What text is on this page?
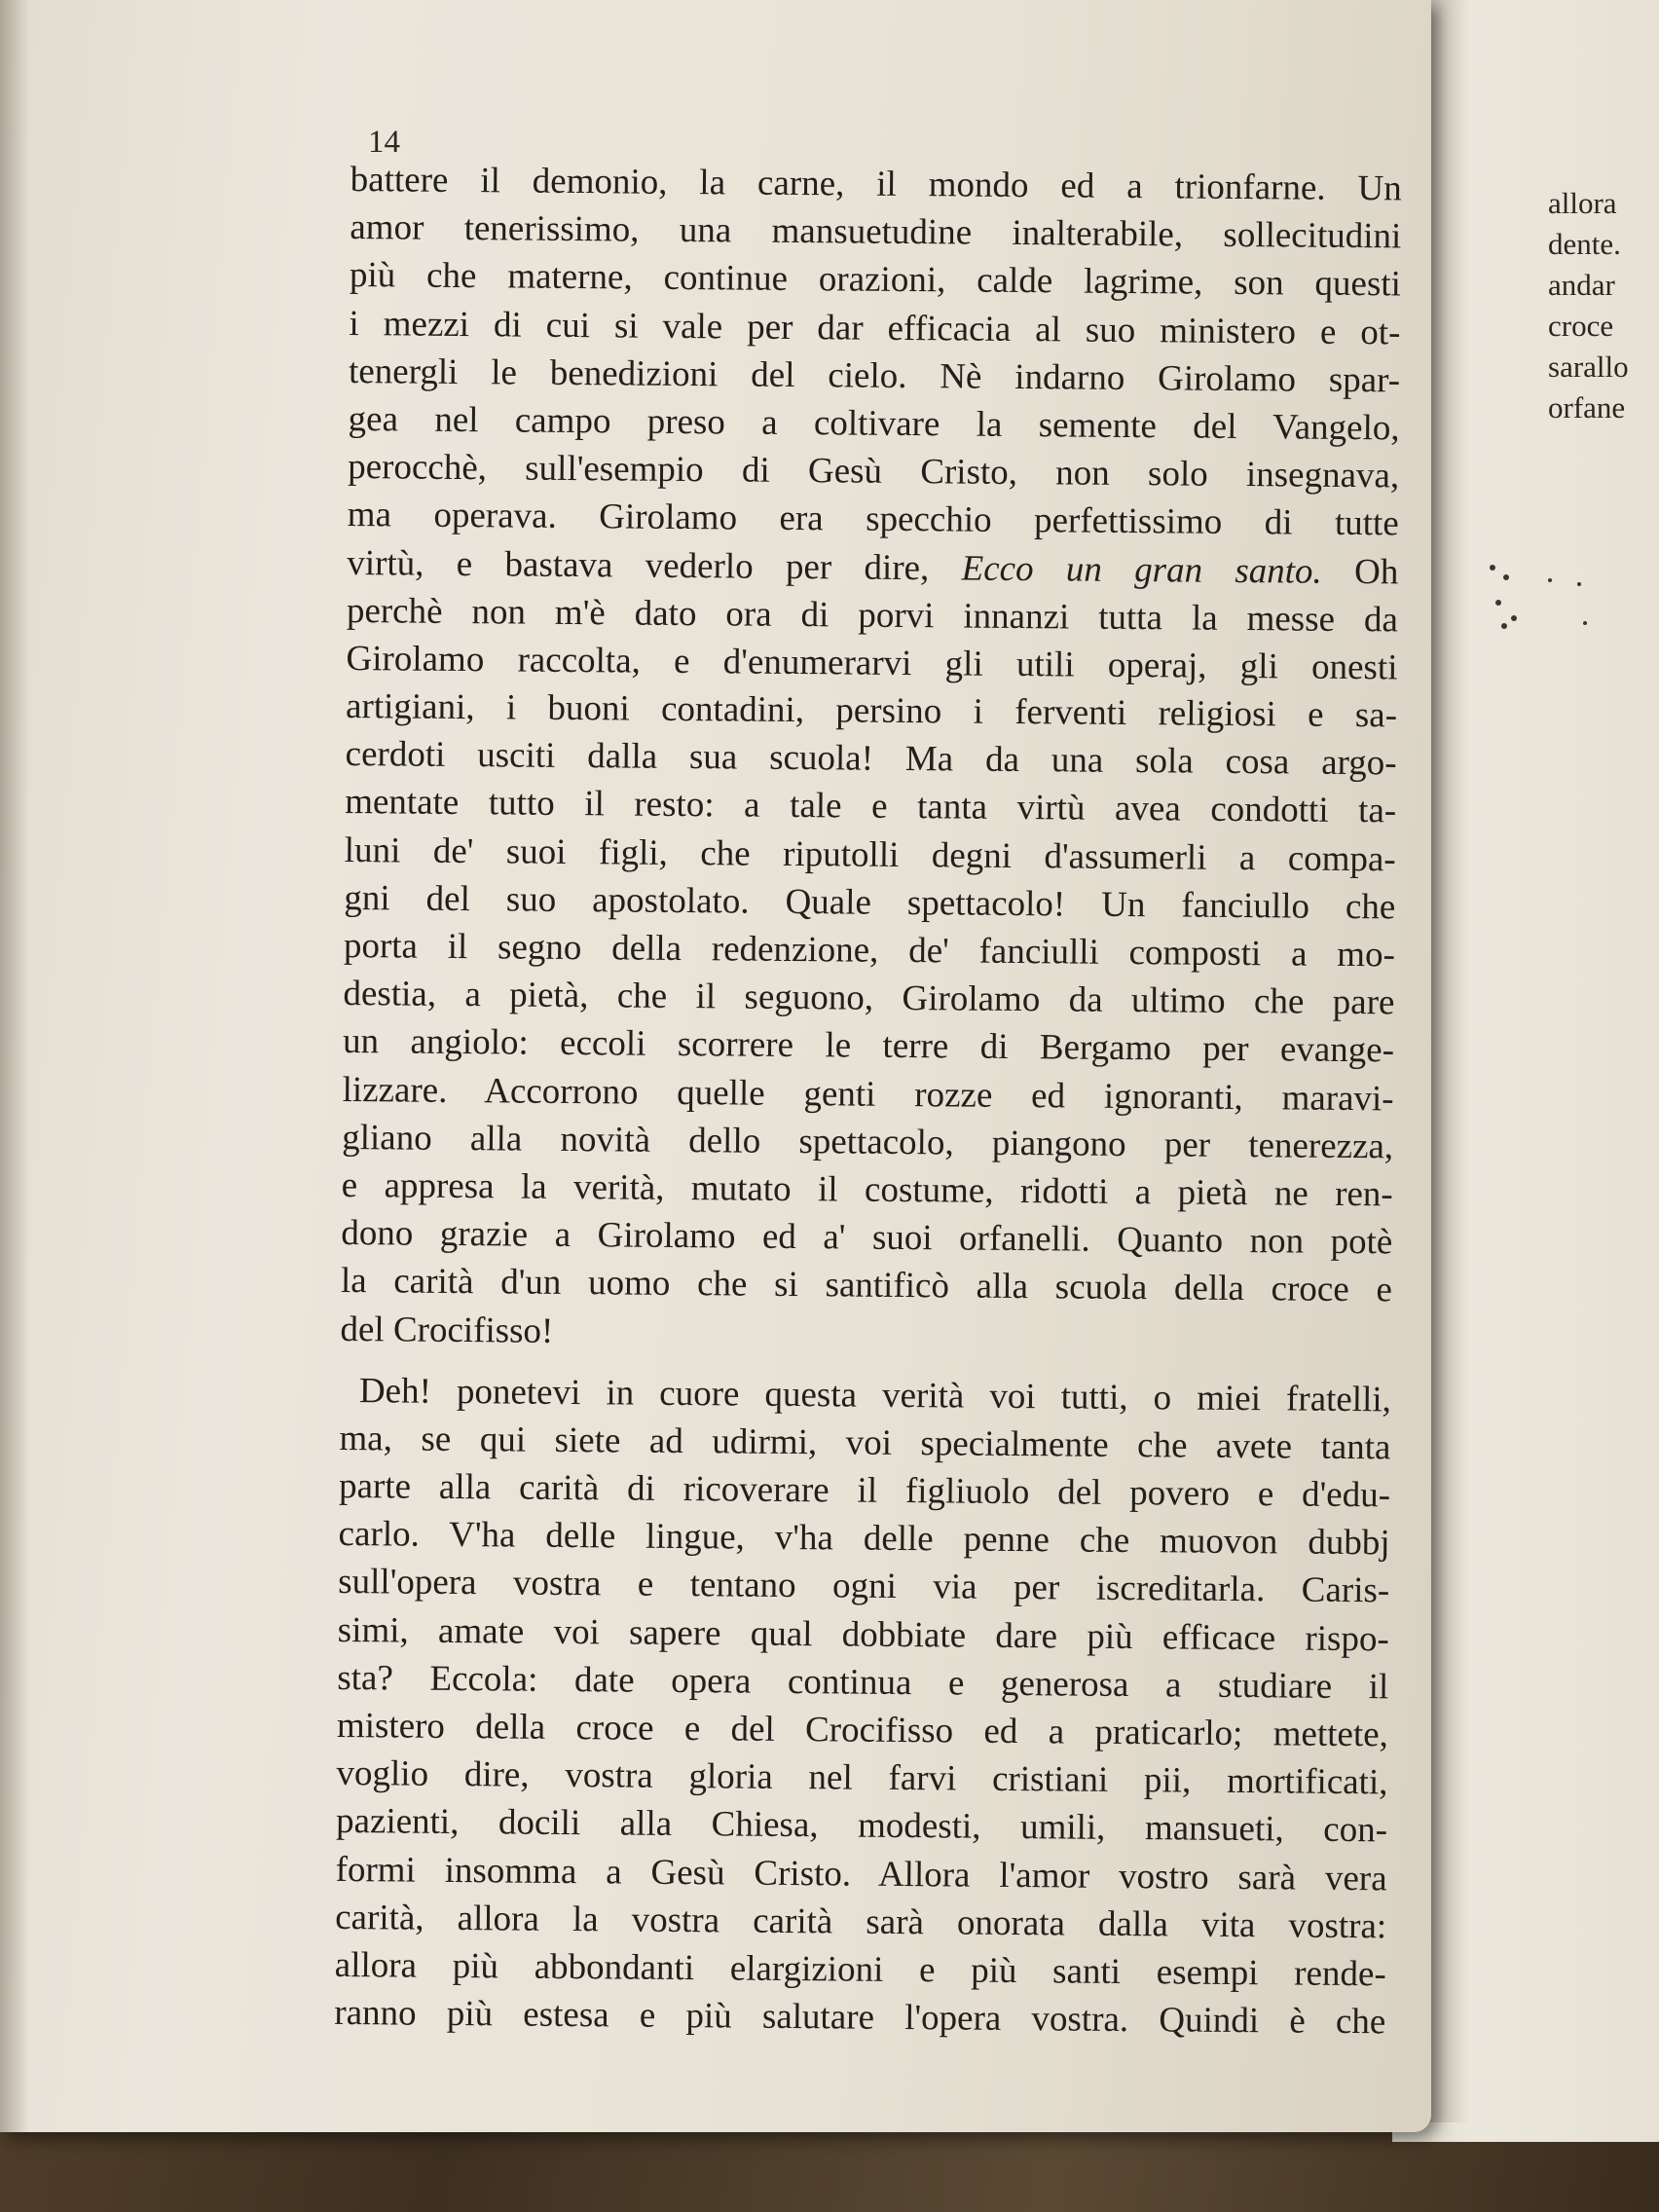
allora
dente.
andar
croce
sarallo
orfane
14
battere il demonio, la carne, il mondo ed a trionfarne. Un
amor tenerissimo, una mansuetudine inalterabile, sollecitudini
più che materne, continue orazioni, calde lagrime, son questi
i mezzi di cui si vale per dar efficacia al suo ministero e ot-
tenergli le benedizioni del cielo. Nè indarno Girolamo spar-
gea nel campo preso a coltivare la semente del Vangelo,
perocchè, sull'esempio di Gesù Cristo, non solo insegnava,
ma operava. Girolamo era specchio perfettissimo di tutte
virtù, e bastava vederlo per dire, Ecco un gran santo. Oh
perchè non m'è dato ora di porvi innanzi tutta la messe da
Girolamo raccolta, e d'enumerarvi gli utili operaj, gli onesti
artigiani, i buoni contadini, persino i ferventi religiosi e sa-
cerdoti usciti dalla sua scuola! Ma da una sola cosa argo-
mentate tutto il resto: a tale e tanta virtù avea condotti ta-
luni de' suoi figli, che riputolli degni d'assumerli a compa-
gni del suo apostolato. Quale spettacolo! Un fanciullo che
porta il segno della redenzione, de' fanciulli composti a mo-
destia, a pietà, che il seguono, Girolamo da ultimo che pare
un angiolo: eccoli scorrere le terre di Bergamo per evange-
lizzare. Accorrono quelle genti rozze ed ignoranti, maravi-
gliano alla novità dello spettacolo, piangono per tenerezza,
e appresa la verità, mutato il costume, ridotti a pietà ne ren-
dono grazie a Girolamo ed a' suoi orfanelli. Quanto non potè
la carità d'un uomo che si santificò alla scuola della croce e
del Crocifisso!
Deh! ponetevi in cuore questa verità voi tutti, o miei fratelli,
ma, se qui siete ad udirmi, voi specialmente che avete tanta
parte alla carità di ricoverare il figliuolo del povero e d'edu-
carlo. V'ha delle lingue, v'ha delle penne che muovon dubbj
sull'opera vostra e tentano ogni via per iscreditarla. Caris-
simi, amate voi sapere qual dobbiate dare più efficace rispo-
sta? Eccola: date opera continua e generosa a studiare il
mistero della croce e del Crocifisso ed a praticarlo; mettete,
voglio dire, vostra gloria nel farvi cristiani pii, mortificati,
pazienti, docili alla Chiesa, modesti, umili, mansueti, con-
formi insomma a Gesù Cristo. Allora l'amor vostro sarà vera
carità, allora la vostra carità sarà onorata dalla vita vostra:
allora più abbondanti elargizioni e più santi esempi rende-
ranno più estesa e più salutare l'opera vostra. Quindi è che
